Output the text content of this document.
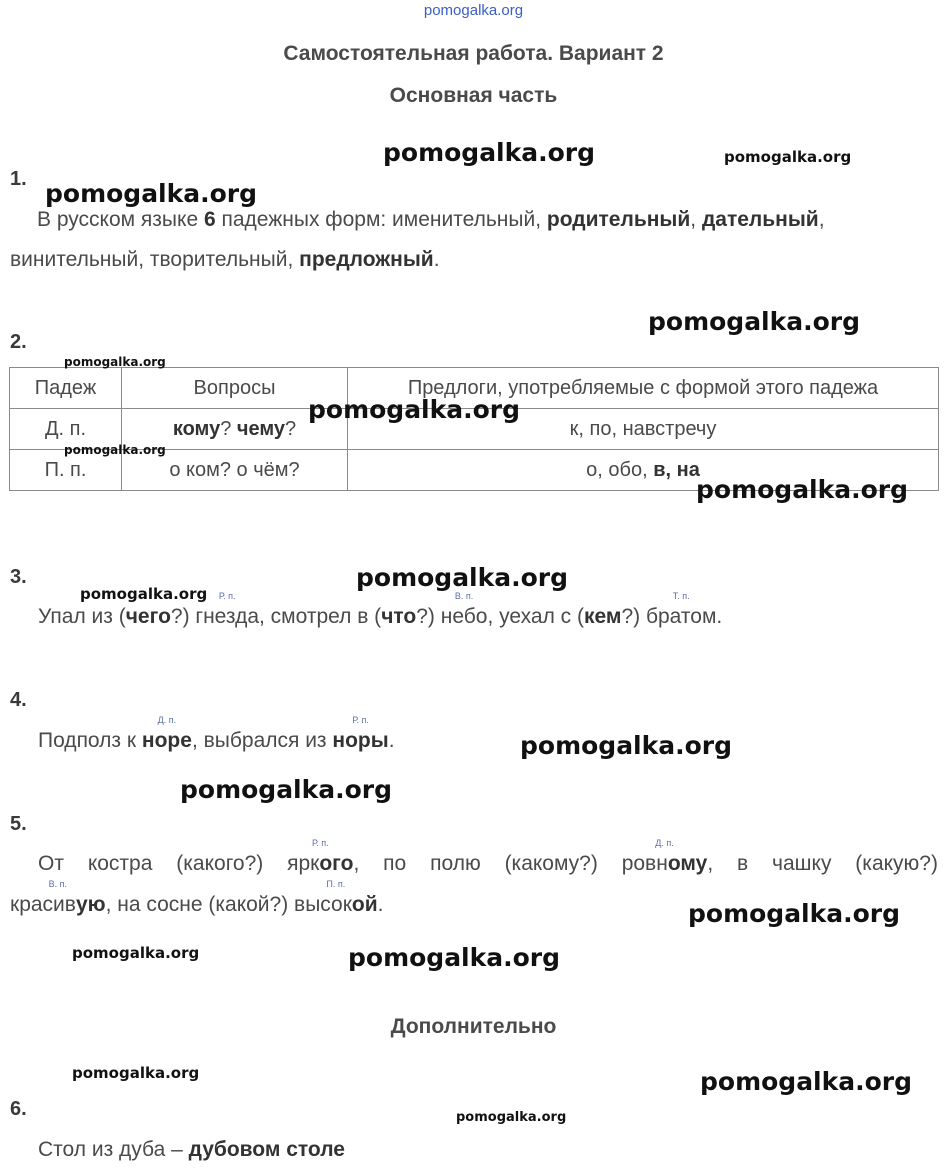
pomogalka.org
Самостоятельная работа. Вариант 2
Основная часть
1.
В русском языке 6 падежных форм: именительный, родительный, дательный,
винительный, творительный, предложный.
2.
Падеж	Вопросы	Предлоги, употребляемые с формой этого падежа
Д. п.	кому? чему?	к, по, навстречу
П. п.	о ком? о чём?	о, обо, в, на
3.
Упал из (чего?)
Р. п.
гнезда, смотрел в (что?)
В. п.
небо, уехал с (кем?)
Т. п.
братом.
4.
Подполз к
Д. п.
норе, выбрался из
Р. п.
норы.
5.
От костра (какого?)
Р. п.
яркого, по полю (какому?)
Д. п.
ровному, в чашку (какую?)
В. п.
красивую, на сосне (какой?)
П. п.
высокой.
Дополнительно
6.
Стол из дуба – дубовом столе
pomogalka.org	pomogalka.org
pomogalka.org
pomogalka.org
pomogalka.org
pomogalka.org
pomogalka.org
pomogalka.org
pomogalka.org
pomogalka.org
pomogalka.org
pomogalka.org
pomogalka.org
pomogalka.org	pomogalka.org
pomogalka.org	pomogalka.org
pomogalka.org
